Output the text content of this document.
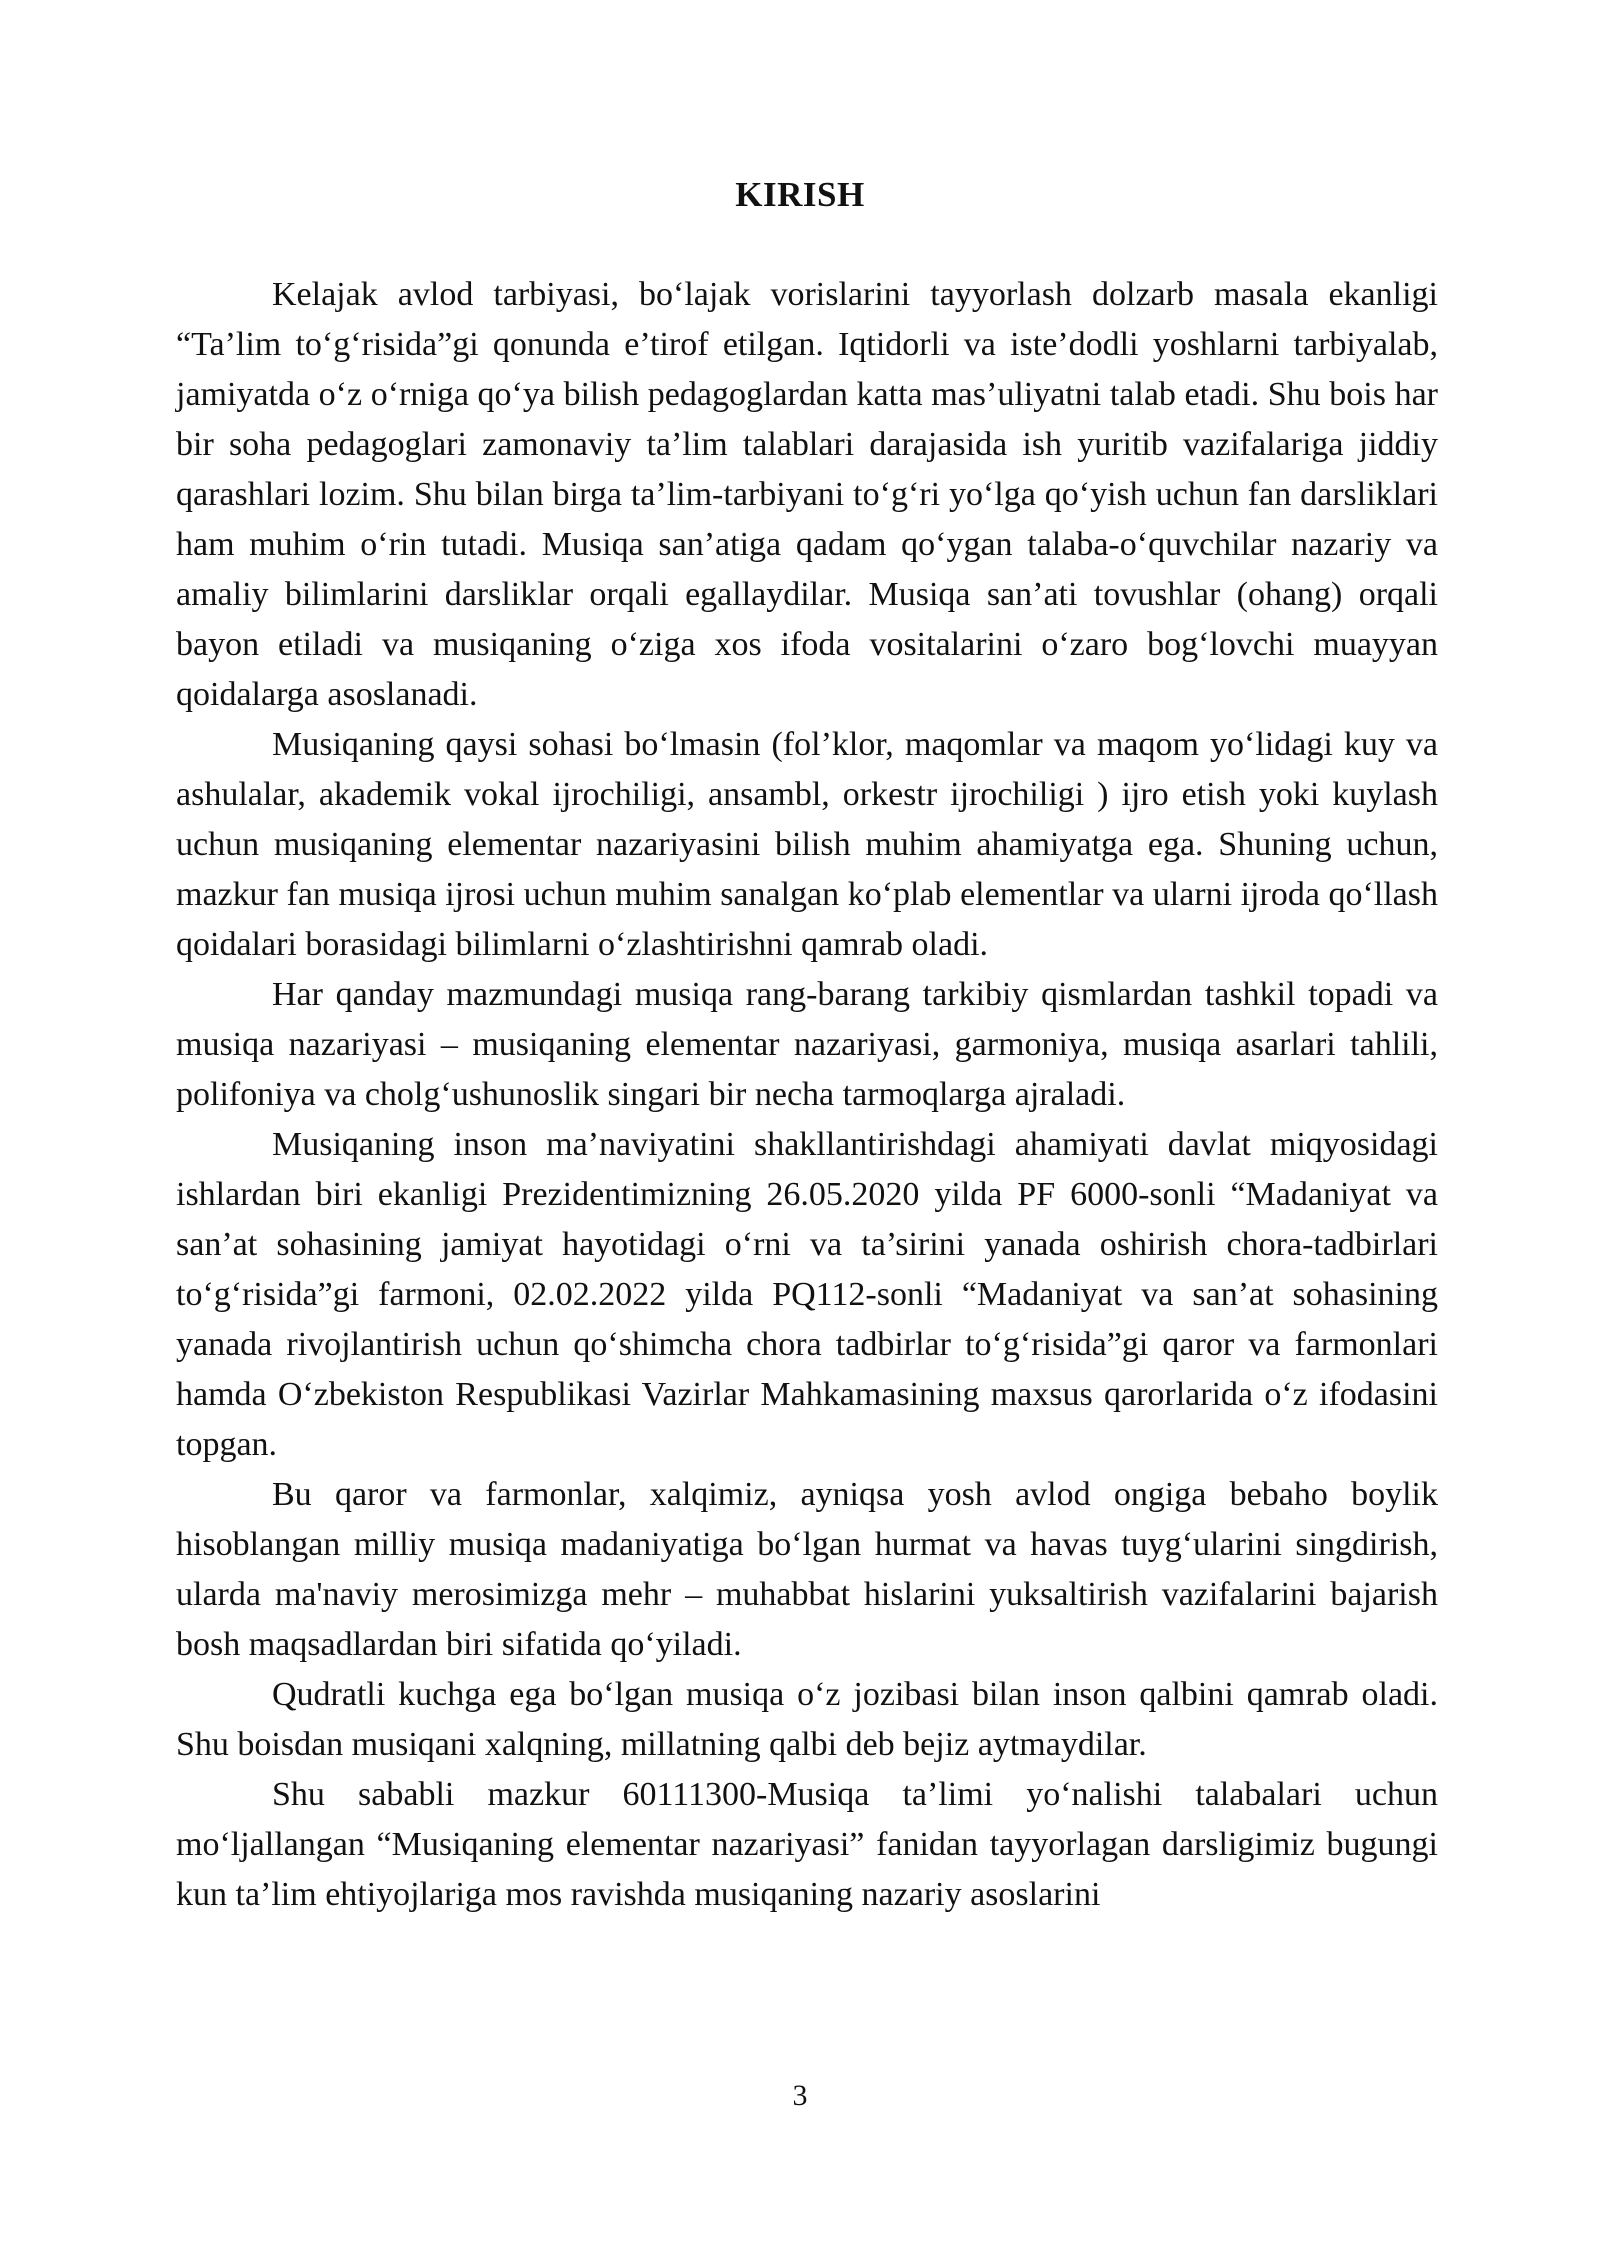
KIRISH

Kelajak avlod tarbiyasi, bo‘lajak vorislarini tayyorlash dolzarb masala ekanligi “Ta’lim to‘g‘risida”gi qonunda e’tirof etilgan. Iqtidorli va iste’dodli yoshlarni tarbiyalab, jamiyatda o‘z o‘rniga qo‘ya bilish pedagoglardan katta mas’uliyatni talab etadi. Shu bois har bir soha pedagoglari zamonaviy ta’lim talablari darajasida ish yuritib vazifalariga jiddiy qarashlari lozim. Shu bilan birga ta’lim-tarbiyani to‘g‘ri yo‘lga qo‘yish uchun fan darsliklari ham muhim o‘rin tutadi. Musiqa san’atiga qadam qo‘ygan talaba-o‘quvchilar nazariy va amaliy bilimlarini darsliklar orqali egallaydilar. Musiqa san’ati tovushlar (ohang) orqali bayon etiladi va musiqaning o‘ziga xos ifoda vositalarini o‘zaro bog‘lovchi muayyan qoidalarga asoslanadi.

Musiqaning qaysi sohasi bo‘lmasin (fol’klor, maqomlar va maqom yo‘lidagi kuy va ashulalar, akademik vokal ijrochiligi, ansambl, orkestr ijrochiligi ) ijro etish yoki kuylash uchun musiqaning elementar nazariyasini bilish muhim ahamiyatga ega. Shuning uchun, mazkur fan musiqa ijrosi uchun muhim sanalgan ko‘plab elementlar va ularni ijroda qo‘llash qoidalari borasidagi bilimlarni o‘zlashtirishni qamrab oladi.

Har qanday mazmundagi musiqa rang-barang tarkibiy qismlardan tashkil topadi va musiqa nazariyasi – musiqaning elementar nazariyasi, garmoniya, musiqa asarlari tahlili, polifoniya va cholg‘ushunoslik singari bir necha tarmoqlarga ajraladi.

Musiqaning inson ma’naviyatini shakllantirishdagi ahamiyati davlat miqyosidagi ishlardan biri ekanligi Prezidentimizning 26.05.2020 yilda PF 6000-sonli “Madaniyat va san’at sohasining jamiyat hayotidagi o‘rni va ta’sirini yanada oshirish chora-tadbirlari to‘g‘risida”gi farmoni, 02.02.2022 yilda PQ112-sonli “Madaniyat va san’at sohasining yanada rivojlantirish uchun qo‘shimcha chora tadbirlar to‘g‘risida”gi qaror va farmonlari hamda O‘zbekiston Respublikasi Vazirlar Mahkamasining maxsus qarorlarida o‘z ifodasini topgan.

Bu qaror va farmonlar, xalqimiz, ayniqsa yosh avlod ongiga bebaho boylik hisoblangan milliy musiqa madaniyatiga bo‘lgan hurmat va havas tuyg‘ularini singdirish, ularda ma'naviy merosimizga mehr – muhabbat hislarini yuksaltirish vazifalarini bajarish bosh maqsadlardan biri sifatida qo‘yiladi.

Qudratli kuchga ega bo‘lgan musiqa o‘z jozibasi bilan inson qalbini qamrab oladi. Shu boisdan musiqani xalqning, millatning qalbi deb bejiz aytmaydilar.

Shu sababli mazkur 60111300-Musiqa ta’limi yo‘nalishi talabalari uchun mo‘ljallangan “Musiqaning elementar nazariyasi” fanidan tayyorlagan darsligimiz bugungi kun ta’lim ehtiyojlariga mos ravishda musiqaning nazariy asoslarini

3
